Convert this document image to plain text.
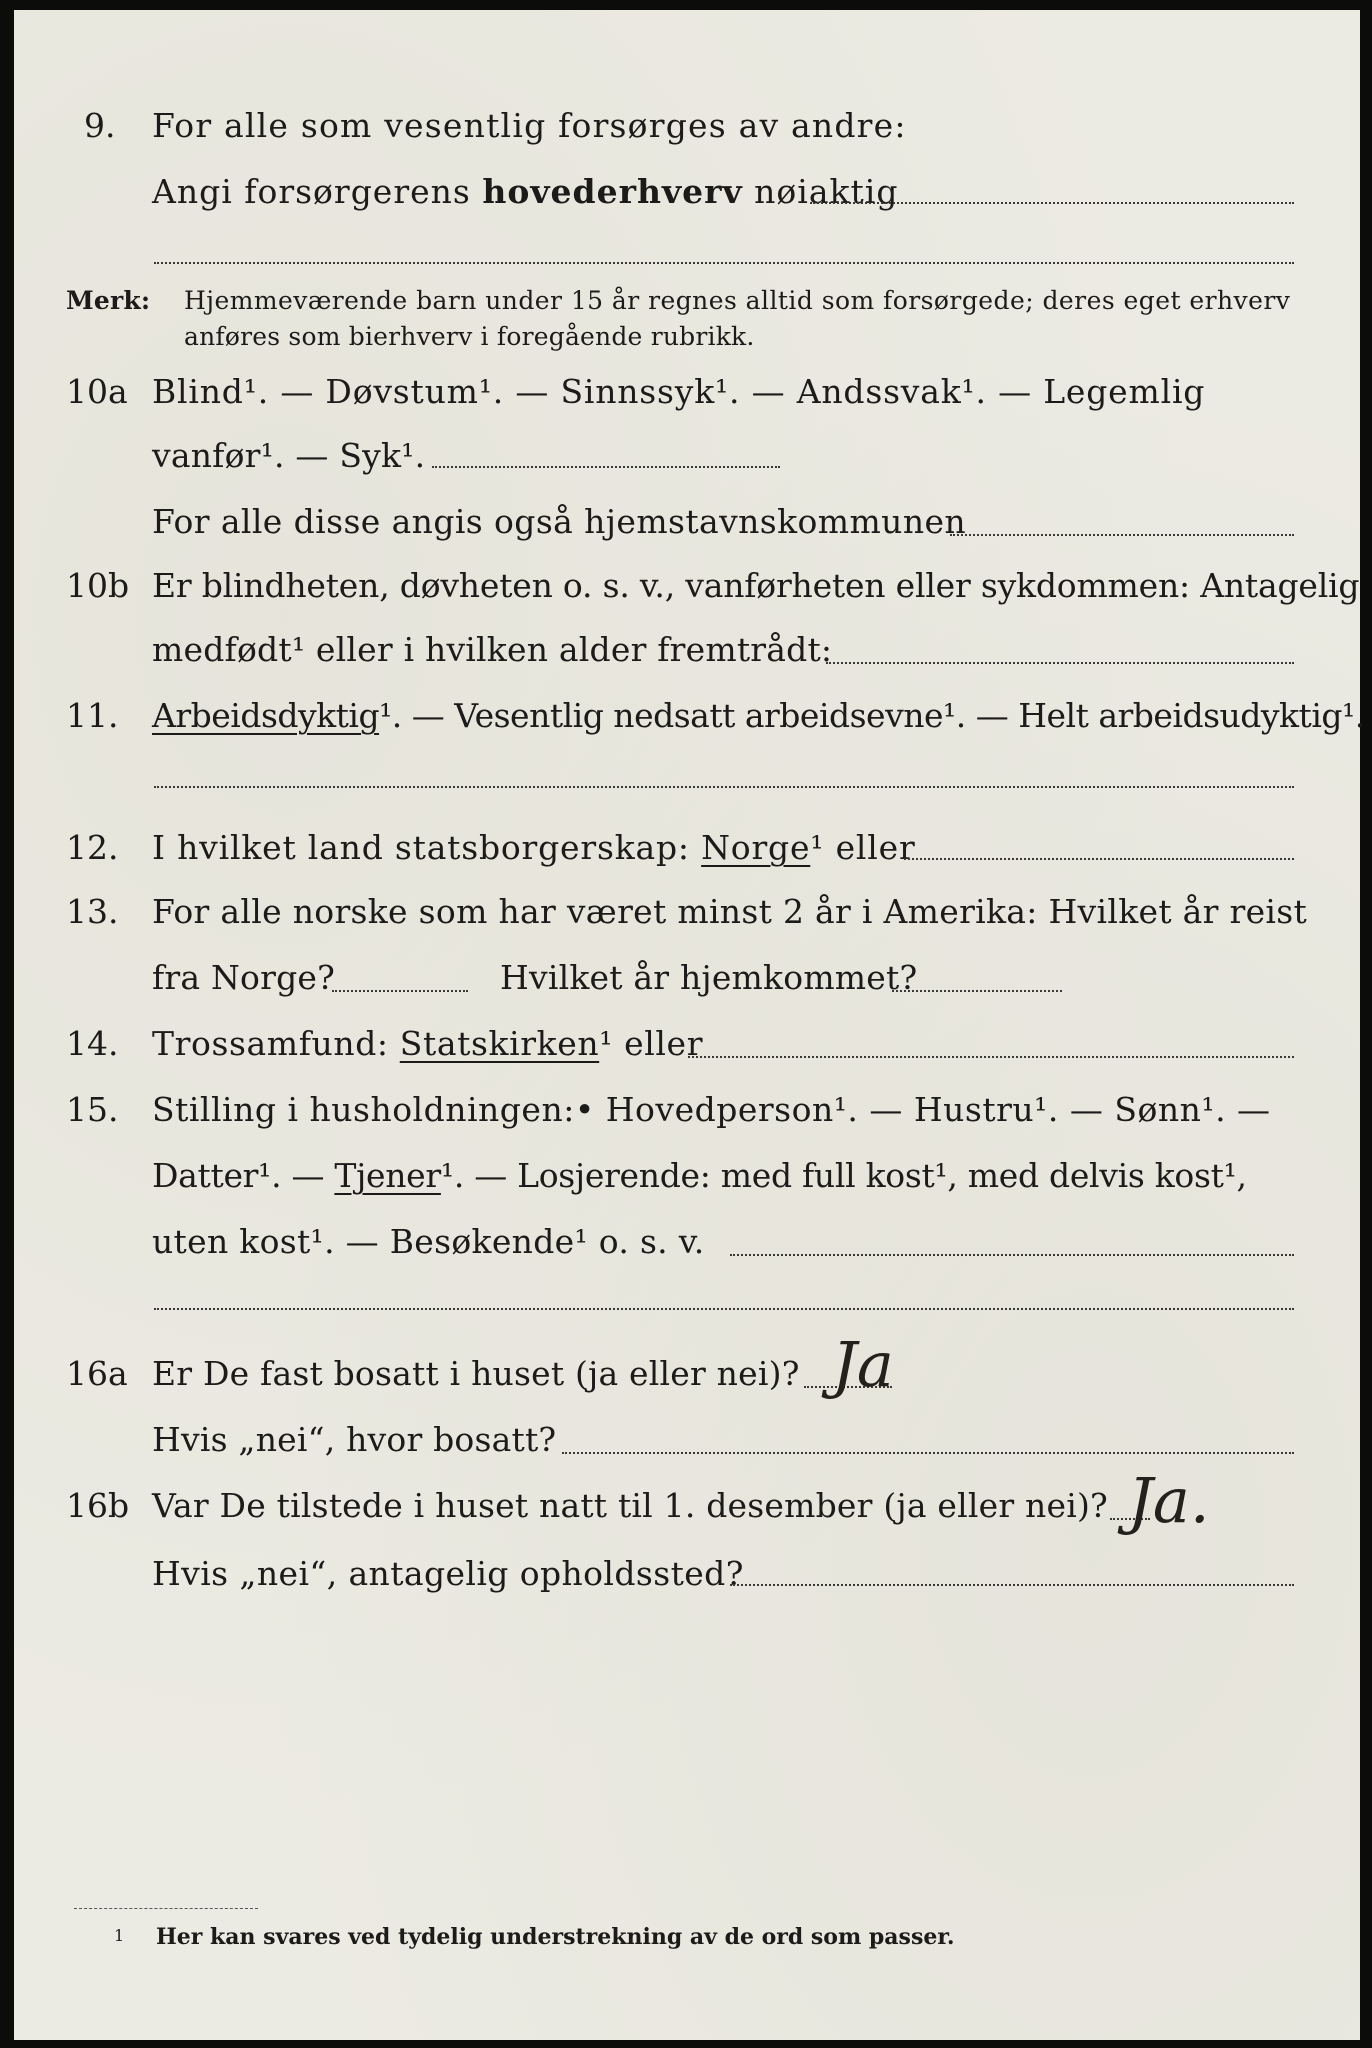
9. For alle som vesentlig forsørges av andre:
Angi forsørgerens hovederhverv nøiaktig
Merk: Hjemmeværende barn under 15 år regnes alltid som forsørgede; deres eget erhverv
anføres som bierhverv i foregående rubrikk.
10a Blind¹. — Døvstum¹. — Sinnssyk¹. — Andssvak¹. — Legemlig
vanfør¹. — Syk¹.
For alle disse angis også hjemstavnskommunen
10b Er blindheten, døvheten o. s. v., vanførheten eller sykdommen: Antagelig
medfødt¹ eller i hvilken alder fremtrådt:
11. Arbeidsdyktig¹. — Vesentlig nedsatt arbeidsevne¹. — Helt arbeidsudyktig¹.
12. I hvilket land statsborgerskap: Norge¹ eller
13. For alle norske som har været minst 2 år i Amerika: Hvilket år reist
fra Norge?	Hvilket år hjemkommet?
14. Trossamfund: Statskirken¹ eller
15. Stilling i husholdningen:• Hovedperson¹. — Hustru¹. — Sønn¹. —
Datter¹. — Tjener¹. — Losjerende: med full kost¹, med delvis kost¹,
uten kost¹. — Besøkende¹ o. s. v.
16a Er De fast bosatt i huset (ja eller nei)? Ja
Hvis „nei“, hvor bosatt?
16b Var De tilstede i huset natt til 1. desember (ja eller nei)? Ja.
Hvis „nei“, antagelig opholdssted?
1 Her kan svares ved tydelig understrekning av de ord som passer.
